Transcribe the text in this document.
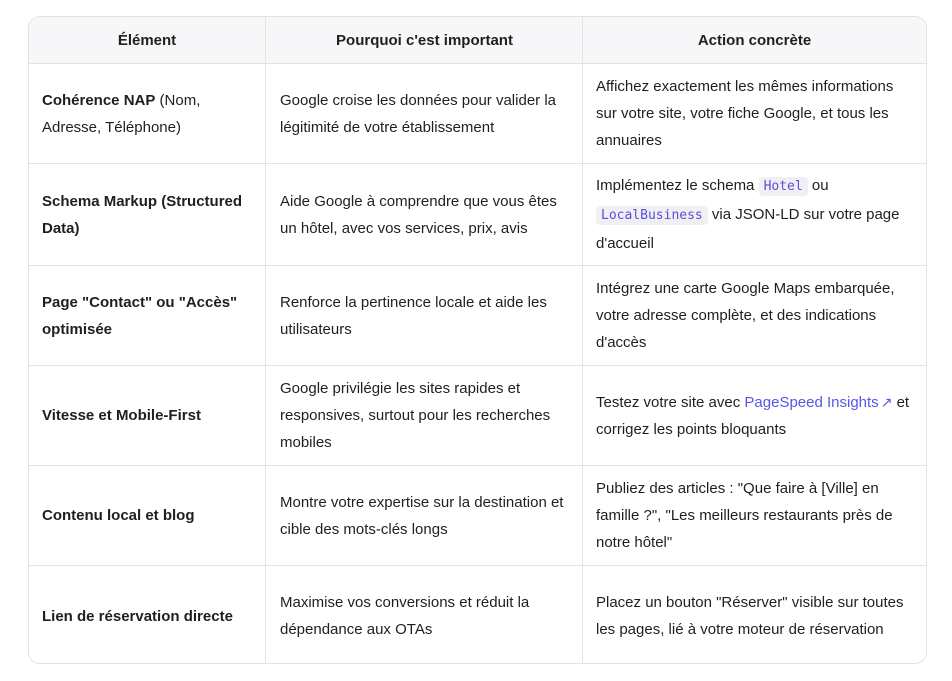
Élément	Pourquoi c'est important	Action concrète
Cohérence NAP (Nom, Adresse, Téléphone)
Google croise les données pour valider la légitimité de votre établissement
Affichez exactement les mêmes informations sur votre site, votre fiche Google, et tous les annuaires
Schema Markup (Structured Data)
Aide Google à comprendre que vous êtes un hôtel, avec vos services, prix, avis
Implémentez le schema Hotel ou LocalBusiness via JSON-LD sur votre page d'accueil
Page "Contact" ou "Accès" optimisée
Renforce la pertinence locale et aide les utilisateurs
Intégrez une carte Google Maps embarquée, votre adresse complète, et des indications d'accès
Vitesse et Mobile-First
Google privilégie les sites rapides et responsives, surtout pour les recherches mobiles
Testez votre site avec PageSpeed Insights ↗ et corrigez les points bloquants
Contenu local et blog
Montre votre expertise sur la destination et cible des mots-clés longs
Publiez des articles : "Que faire à [Ville] en famille ?", "Les meilleurs restaurants près de notre hôtel"
Lien de réservation directe
Maximise vos conversions et réduit la dépendance aux OTAs
Placez un bouton "Réserver" visible sur toutes les pages, lié à votre moteur de réservation
